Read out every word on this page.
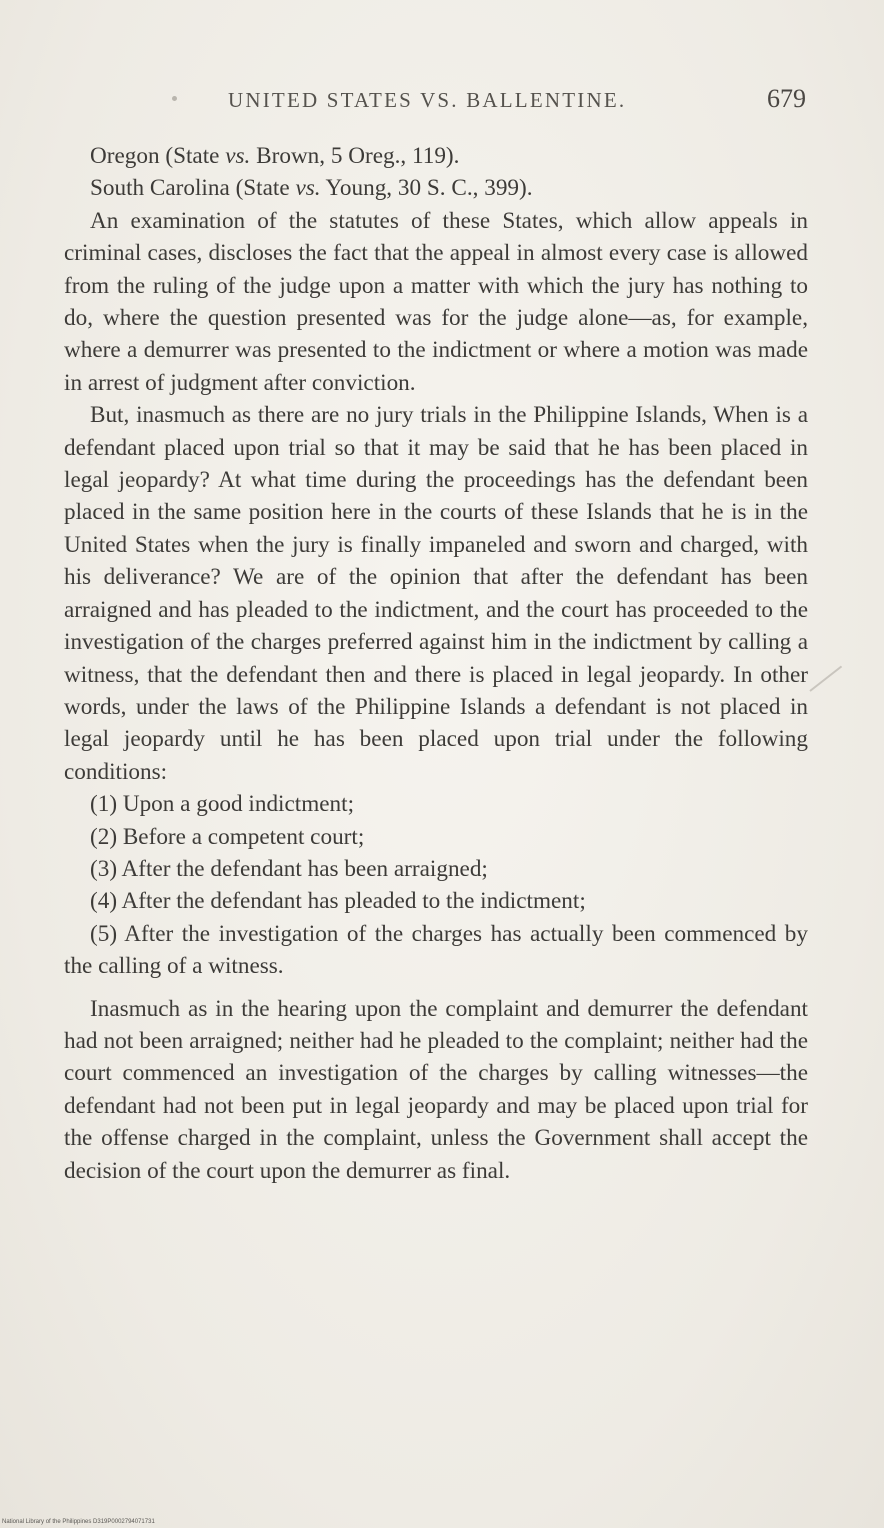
UNITED STATES VS. BALLENTINE.	679

Oregon (State vs. Brown, 5 Oreg., 119).

South Carolina (State vs. Young, 30 S. C., 399).

An examination of the statutes of these States, which allow appeals in criminal cases, discloses the fact that the appeal in almost every case is allowed from the ruling of the judge upon a matter with which the jury has nothing to do, where the question presented was for the judge alone—as, for example, where a demurrer was presented to the indictment or where a motion was made in arrest of judgment after conviction.

But, inasmuch as there are no jury trials in the Philippine Islands, When is a defendant placed upon trial so that it may be said that he has been placed in legal jeopardy? At what time during the proceedings has the defendant been placed in the same position here in the courts of these Islands that he is in the United States when the jury is finally impaneled and sworn and charged, with his deliverance? We are of the opinion that after the defendant has been arraigned and has pleaded to the indictment, and the court has proceeded to the investigation of the charges preferred against him in the indictment by calling a witness, that the defendant then and there is placed in legal jeopardy. In other words, under the laws of the Philippine Islands a defendant is not placed in legal jeopardy until he has been placed upon trial under the following conditions:

(1) Upon a good indictment;

(2) Before a competent court;

(3) After the defendant has been arraigned;

(4) After the defendant has pleaded to the indictment;

(5) After the investigation of the charges has actually been commenced by the calling of a witness.

Inasmuch as in the hearing upon the complaint and demurrer the defendant had not been arraigned; neither had he pleaded to the complaint; neither had the court commenced an investigation of the charges by calling witnesses—the defendant had not been put in legal jeopardy and may be placed upon trial for the offense charged in the complaint, unless the Government shall accept the decision of the court upon the demurrer as final.

National Library of the Philippines D319P0002794071731
